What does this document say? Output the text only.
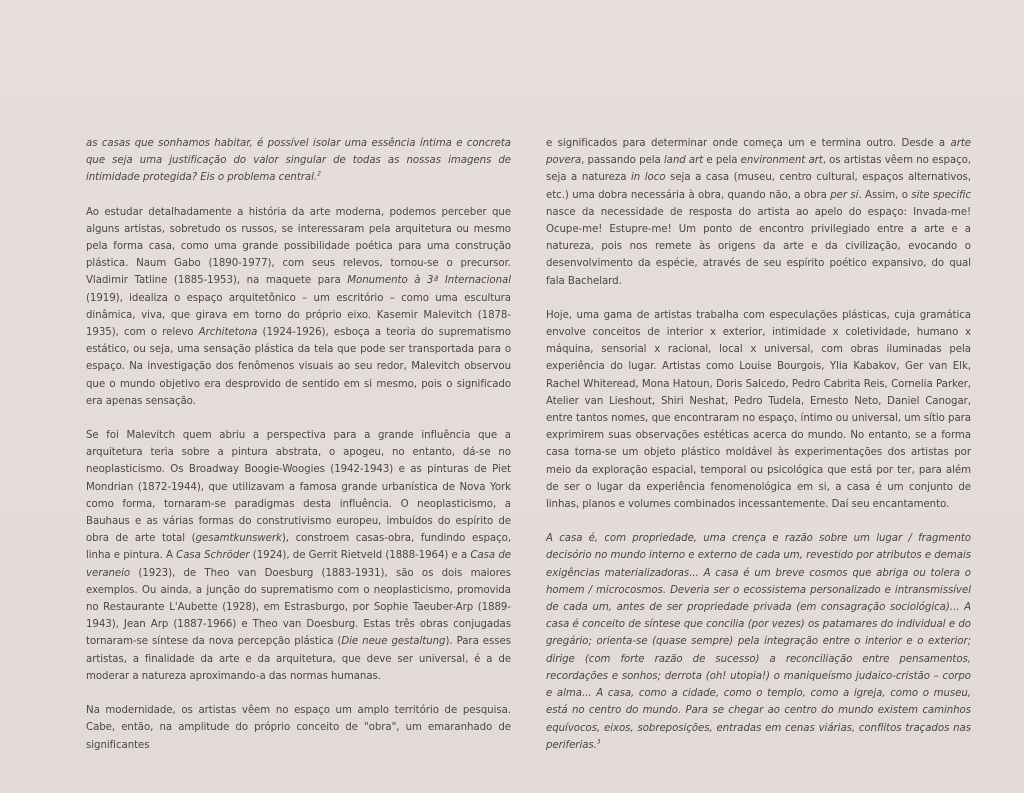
as casas que sonhamos habitar, é possível isolar uma essência íntima e concreta que seja uma justificação do valor singular de todas as nossas imagens de intimidade protegida? Eis o problema central.$^2$

Ao estudar detalhadamente a história da arte moderna, podemos perceber que alguns artistas, sobretudo os russos, se interessaram pela arquitetura ou mesmo pela forma casa, como uma grande possibilidade poética para uma construção plástica. Naum Gabo (1890-1977), com seus relevos, tornou-se o precursor. Vladimir Tatline (1885-1953), na maquete para Monumento à 3ª Internacional (1919), idealiza o espaço arquitetônico – um escritório – como uma escultura dinâmica, viva, que girava em torno do próprio eixo. Kasemir Malevitch (1878-1935), com o relevo Architetona (1924-1926), esboça a teoria do suprematismo estático, ou seja, uma sensação plástica da tela que pode ser transportada para o espaço. Na investigação dos fenômenos visuais ao seu redor, Malevitch observou que o mundo objetivo era desprovido de sentido em si mesmo, pois o significado era apenas sensação.

Se foi Malevitch quem abriu a perspectiva para a grande influência que a arquitetura teria sobre a pintura abstrata, o apogeu, no entanto, dá-se no neoplasticismo. Os Broadway Boogie-Woogies (1942-1943) e as pinturas de Piet Mondrian (1872-1944), que utilizavam a famosa grande urbanística de Nova York como forma, tornaram-se paradigmas desta influência. O neoplasticismo, a Bauhaus e as várias formas do construtivismo europeu, imbuídos do espírito de obra de arte total (gesamtkunswerk), constroem casas-obra, fundindo espaço, linha e pintura. A Casa Schröder (1924), de Gerrit Rietveld (1888-1964) e a Casa de veraneio (1923), de Theo van Doesburg (1883-1931), são os dois maiores exemplos. Ou ainda, a junção do suprematismo com o neoplasticismo, promovida no Restaurante L'Aubette (1928), em Estrasburgo, por Sophie Taeuber-Arp (1889-1943), Jean Arp (1887-1966) e Theo van Doesburg. Estas três obras conjugadas tornaram-se síntese da nova percepção plástica (Die neue gestaltung). Para esses artistas, a finalidade da arte e da arquitetura, que deve ser universal, é a de moderar a natureza aproximando-a das normas humanas.

Na modernidade, os artistas vêem no espaço um amplo território de pesquisa. Cabe, então, na amplitude do próprio conceito de "obra", um emaranhado de significantes

e significados para determinar onde começa um e termina outro. Desde a arte povera, passando pela land art e pela environment art, os artistas vêem no espaço, seja a natureza in loco seja a casa (museu, centro cultural, espaços alternativos, etc.) uma dobra necessária à obra, quando não, a obra per si. Assim, o site specific nasce da necessidade de resposta do artista ao apelo do espaço: Invada-me! Ocupe-me! Estupre-me! Um ponto de encontro privilegiado entre a arte e a natureza, pois nos remete às origens da arte e da civilização, evocando o desenvolvimento da espécie, através de seu espírito poético expansivo, do qual fala Bachelard.

Hoje, uma gama de artistas trabalha com especulações plásticas, cuja gramática envolve conceitos de interior x exterior, intimidade x coletividade, humano x máquina, sensorial x racional, local x universal, com obras iluminadas pela experiência do lugar. Artistas como Louise Bourgois, Ylia Kabakov, Ger van Elk, Rachel Whiteread, Mona Hatoun, Doris Salcedo, Pedro Cabrita Reis, Cornelia Parker, Atelier van Lieshout, Shiri Neshat, Pedro Tudela, Ernesto Neto, Daniel Canogar, entre tantos nomes, que encontraram no espaço, íntimo ou universal, um sítio para exprimirem suas observações estéticas acerca do mundo. No entanto, se a forma casa torna-se um objeto plástico moldável às experimentações dos artistas por meio da exploração espacial, temporal ou psicológica que está por ter, para além de ser o lugar da experiência fenomenológica em si, a casa é um conjunto de linhas, planos e volumes combinados incessantemente. Daí seu encantamento.

A casa é, com propriedade, uma crença e razão sobre um lugar / fragmento decisório no mundo interno e externo de cada um, revestido por atributos e demais exigências materializadoras... A casa é um breve cosmos que abriga ou tolera o homem / microcosmos. Deveria ser o ecossistema personalizado e intransmissível de cada um, antes de ser propriedade privada (em consagração sociológica)... A casa é conceito de síntese que concilia (por vezes) os patamares do individual e do gregário; orienta-se (quase sempre) pela integração entre o interior e o exterior; dirige (com forte razão de sucesso) a reconciliação entre pensamentos, recordações e sonhos; derrota (oh! utopia!) o maniqueísmo judaico-cristão – corpo e alma... A casa, como a cidade, como o templo, como a igreja, como o museu, está no centro do mundo. Para se chegar ao centro do mundo existem caminhos equívocos, eixos, sobreposições, entradas em cenas viárias, conflitos traçados nas periferias.$^3$
